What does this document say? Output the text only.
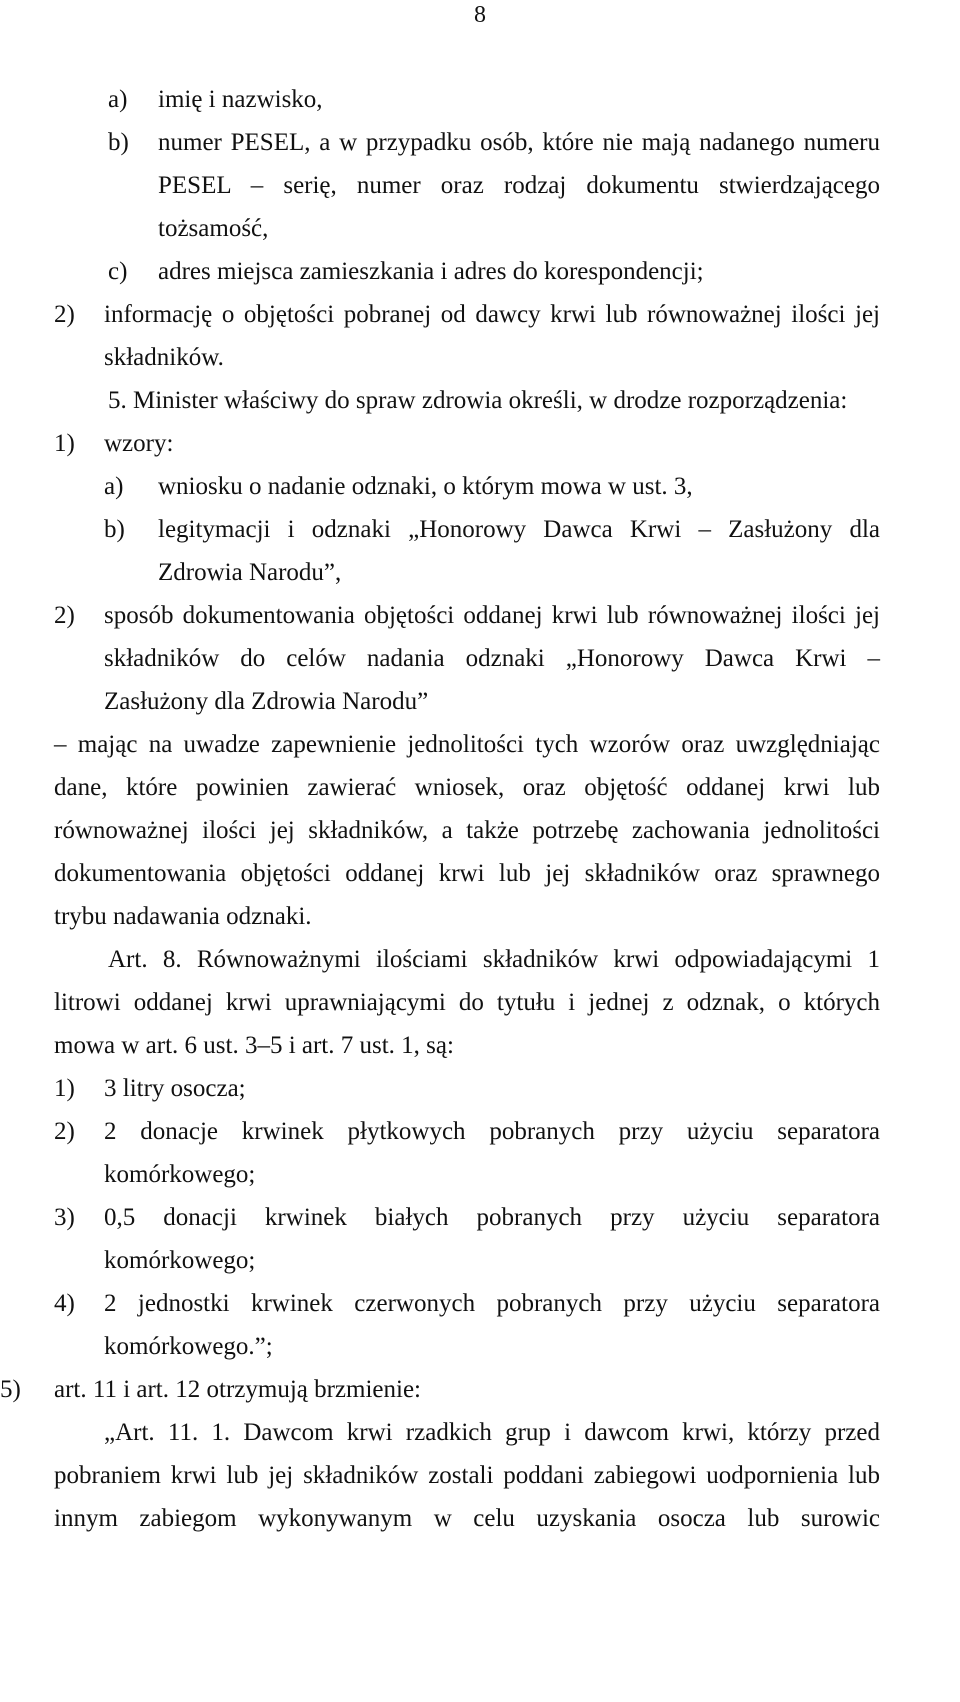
8
a) imię i nazwisko,
b) numer PESEL, a w przypadku osób, które nie mają nadanego numeru
PESEL – serię, numer oraz rodzaj dokumentu stwierdzającego
tożsamość,
c) adres miejsca zamieszkania i adres do korespondencji;
2) informację o objętości pobranej od dawcy krwi lub równoważnej ilości jej
składników.
5. Minister właściwy do spraw zdrowia określi, w drodze rozporządzenia:
1) wzory:
a) wniosku o nadanie odznaki, o którym mowa w ust. 3,
b) legitymacji i odznaki „Honorowy Dawca Krwi – Zasłużony dla
Zdrowia Narodu”,
2) sposób dokumentowania objętości oddanej krwi lub równoważnej ilości jej
składników do celów nadania odznaki „Honorowy Dawca Krwi –
Zasłużony dla Zdrowia Narodu”
– mając na uwadze zapewnienie jednolitości tych wzorów oraz uwzględniając
dane, które powinien zawierać wniosek, oraz objętość oddanej krwi lub
równoważnej ilości jej składników, a także potrzebę zachowania jednolitości
dokumentowania objętości oddanej krwi lub jej składników oraz sprawnego
trybu nadawania odznaki.
Art. 8. Równoważnymi ilościami składników krwi odpowiadającymi 1
litrowi oddanej krwi uprawniającymi do tytułu i jednej z odznak, o których
mowa w art. 6 ust. 3–5 i art. 7 ust. 1, są:
1) 3 litry osocza;
2) 2 donacje krwinek płytkowych pobranych przy użyciu separatora
komórkowego;
3) 0,5 donacji krwinek białych pobranych przy użyciu separatora
komórkowego;
4) 2 jednostki krwinek czerwonych pobranych przy użyciu separatora
komórkowego.”;
5) art. 11 i art. 12 otrzymują brzmienie:
„Art. 11. 1. Dawcom krwi rzadkich grup i dawcom krwi, którzy przed
pobraniem krwi lub jej składników zostali poddani zabiegowi uodpornienia lub
innym zabiegom wykonywanym w celu uzyskania osocza lub surowic
